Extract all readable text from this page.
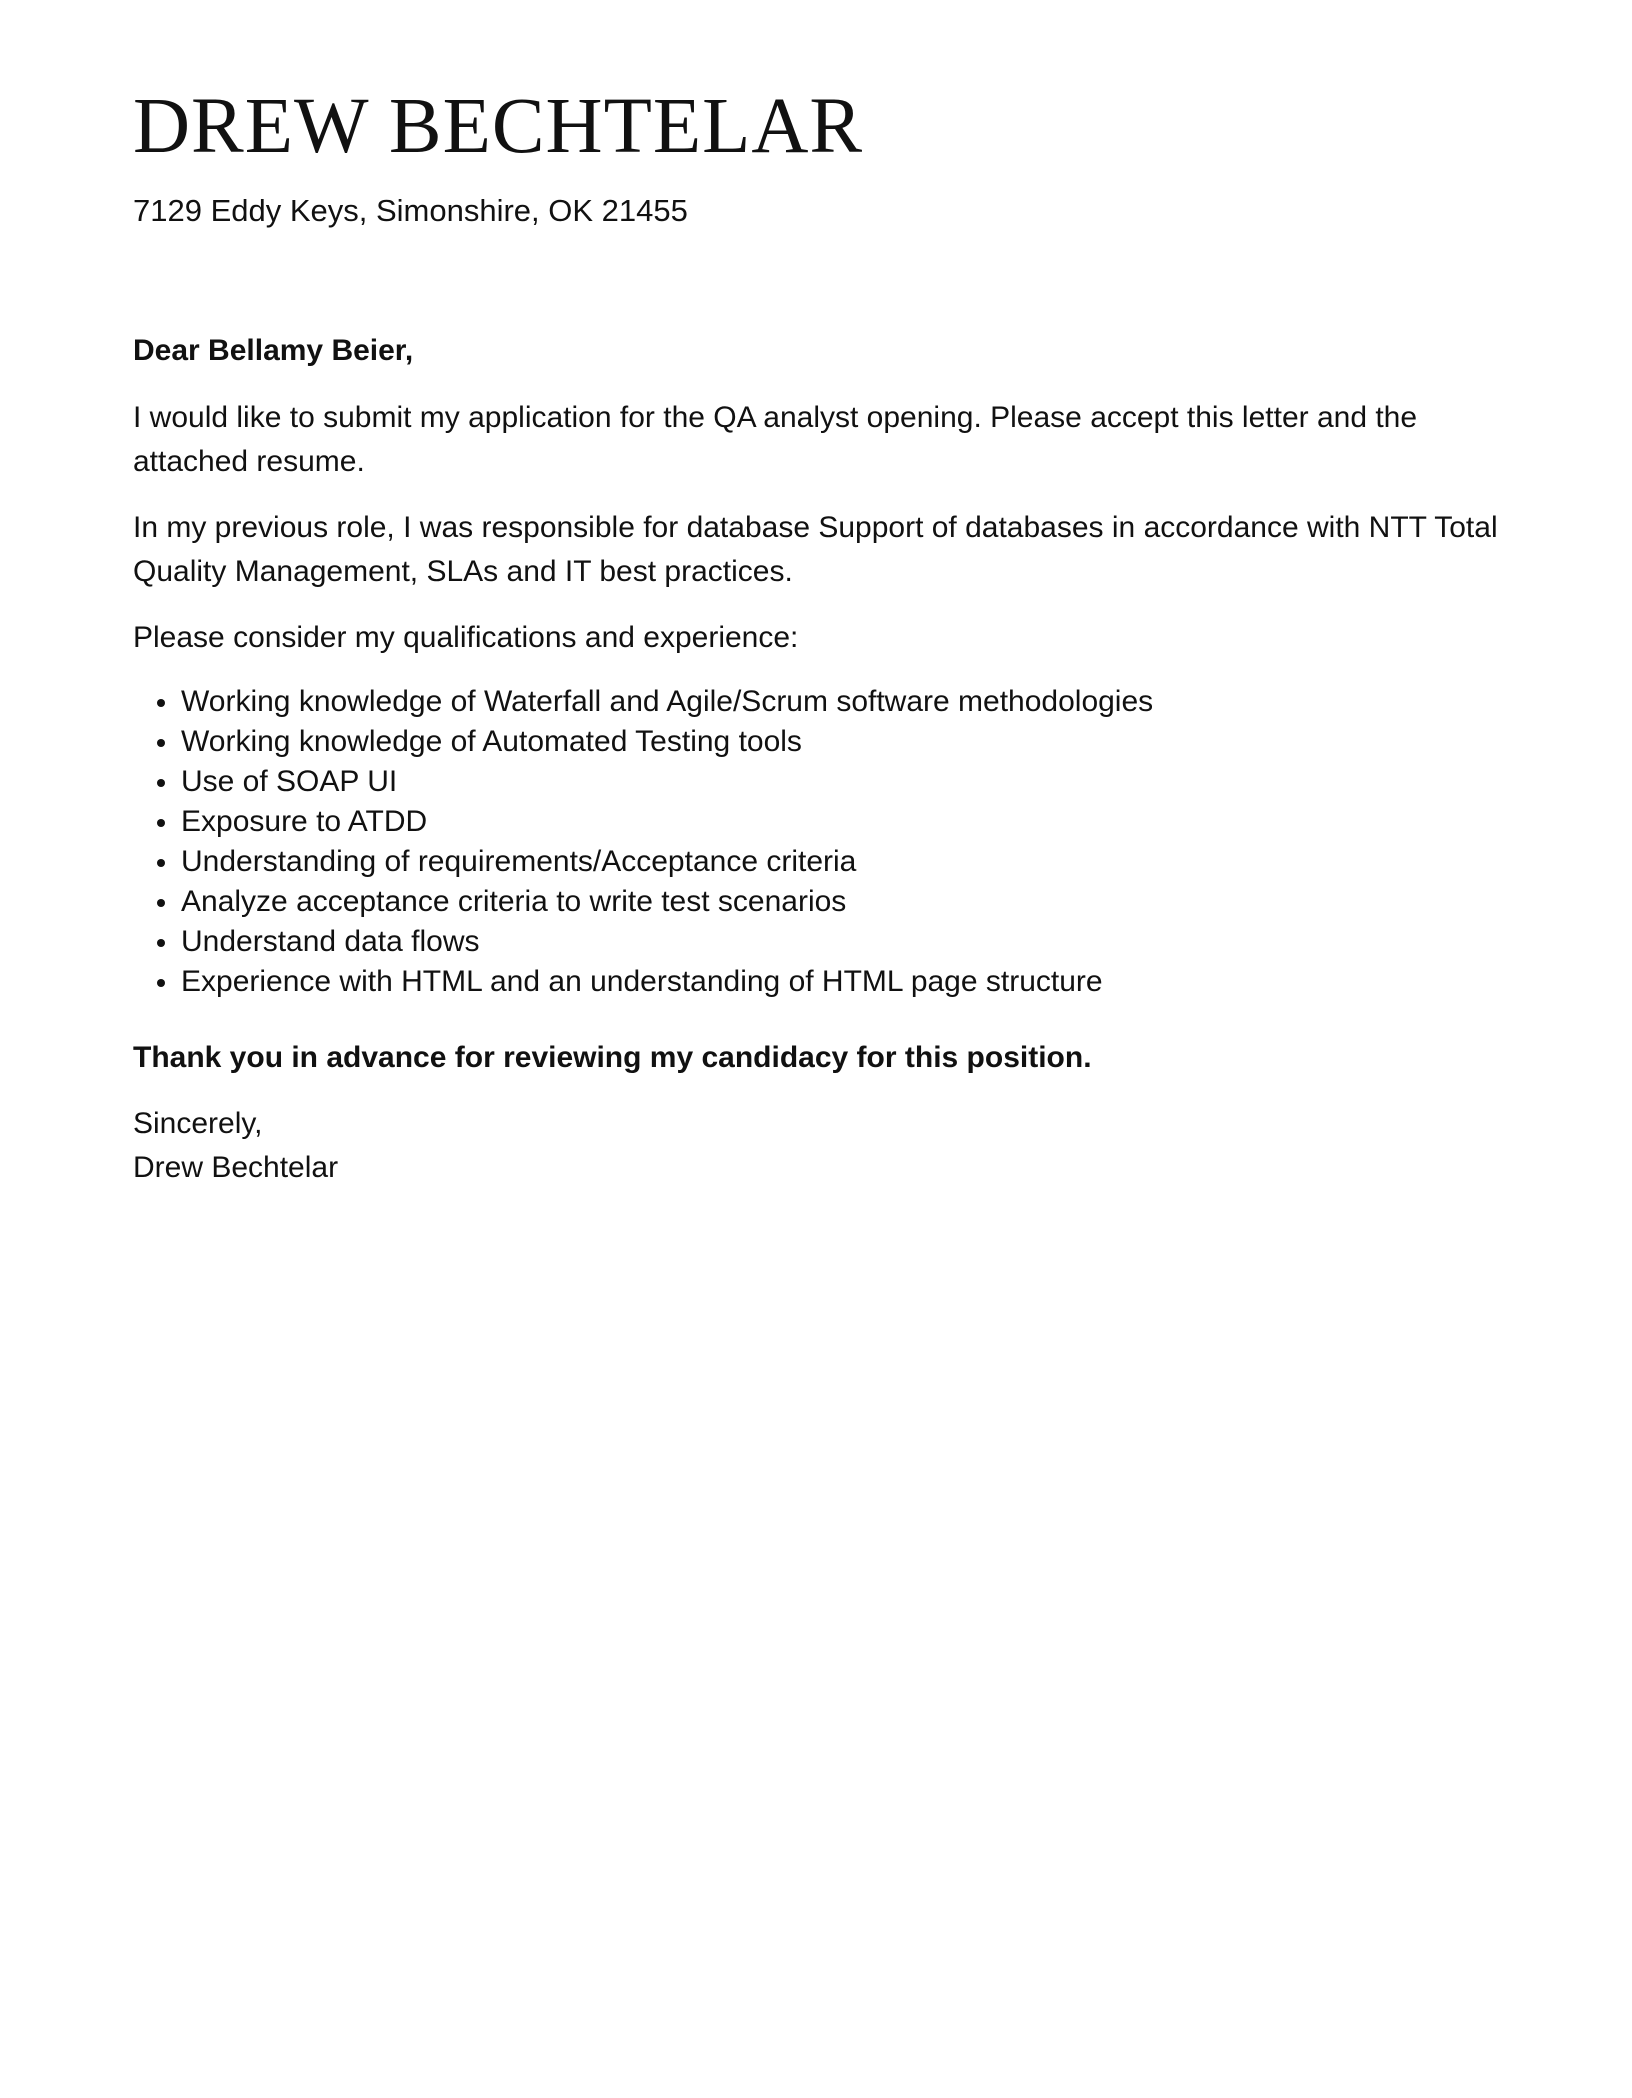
DREW BECHTELAR

7129 Eddy Keys, Simonshire, OK 21455

Dear Bellamy Beier,

I would like to submit my application for the QA analyst opening. Please accept this letter and the attached resume.

In my previous role, I was responsible for database Support of databases in accordance with NTT Total Quality Management, SLAs and IT best practices.

Please consider my qualifications and experience:

Working knowledge of Waterfall and Agile/Scrum software methodologies
Working knowledge of Automated Testing tools
Use of SOAP UI
Exposure to ATDD
Understanding of requirements/Acceptance criteria
Analyze acceptance criteria to write test scenarios
Understand data flows
Experience with HTML and an understanding of HTML page structure

Thank you in advance for reviewing my candidacy for this position.

Sincerely,
Drew Bechtelar
